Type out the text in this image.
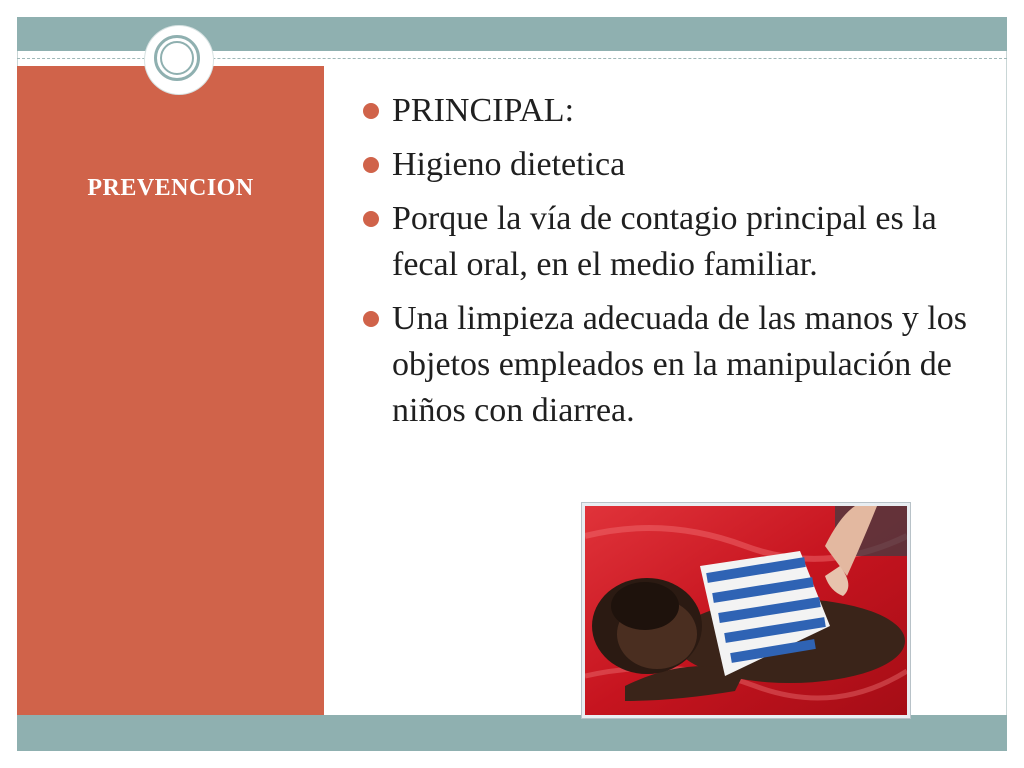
PREVENCION
PRINCIPAL:
Higieno dietetica
Porque la vía de contagio principal es la fecal oral, en el medio familiar.
Una limpieza adecuada de las manos y los objetos empleados en la manipulación de niños con diarrea.
